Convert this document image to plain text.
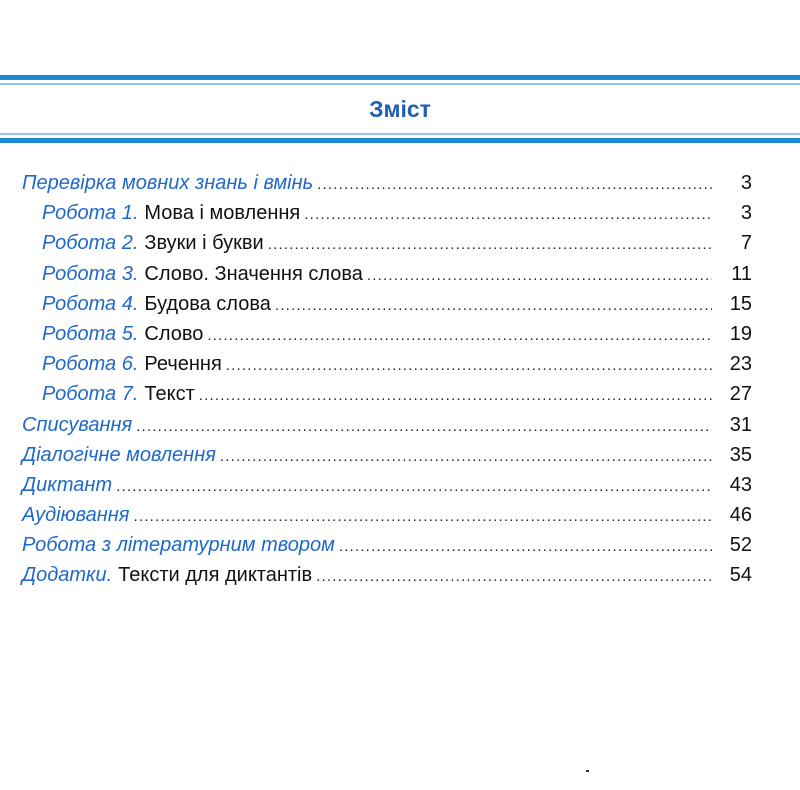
Зміст
Перевірка мовних знань і вмінь .....	3
Робота 1. Мова і мовлення .....	3
Робота 2. Звуки і букви .....	7
Робота 3. Слово. Значення слова .....	11
Робота 4. Будова слова .....	15
Робота 5. Слово .....	19
Робота 6. Речення .....	23
Робота 7. Текст .....	27
Списування .....	31
Діалогічне мовлення .....	35
Диктант .....	43
Аудіювання .....	46
Робота з літературним твором .....	52
Додатки. Тексти для диктантів .....	54
